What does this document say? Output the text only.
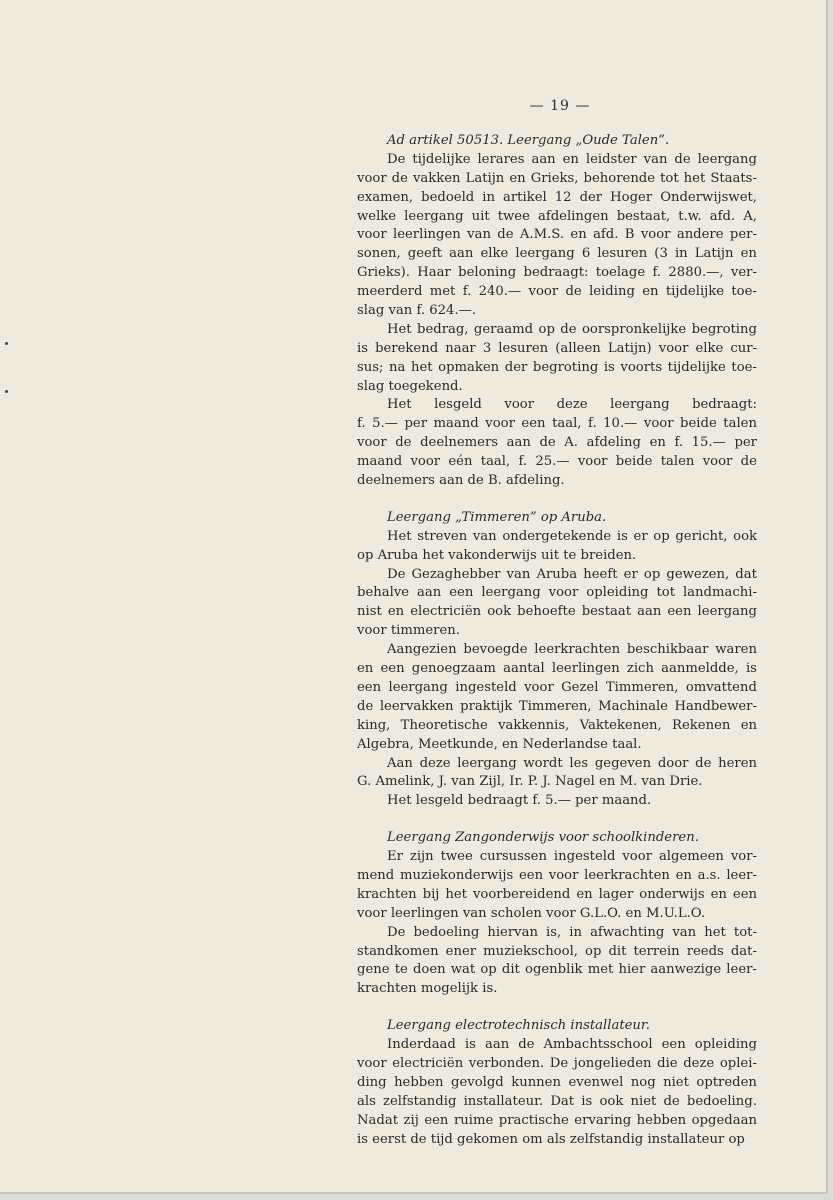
— 19 —
Ad artikel 50513. Leergang „Oude Talen”.
De tijdelijke lerares aan en leidster van de leergang
voor de vakken Latijn en Grieks, behorende tot het Staats-
examen, bedoeld in artikel 12 der Hoger Onderwijswet,
welke leergang uit twee afdelingen bestaat, t.w. afd. A,
voor leerlingen van de A.M.S. en afd. B voor andere per-
sonen, geeft aan elke leergang 6 lesuren (3 in Latijn en
Grieks). Haar beloning bedraagt: toelage f. 2880.—, ver-
meerderd met f. 240.— voor de leiding en tijdelijke toe-
slag van f. 624.—.
Het bedrag, geraamd op de oorspronkelijke begroting
is berekend naar 3 lesuren (alleen Latijn) voor elke cur-
sus; na het opmaken der begroting is voorts tijdelijke toe-
slag toegekend.
Het lesgeld voor deze leergang bedraagt:
f. 5.— per maand voor een taal, f. 10.— voor beide talen
voor de deelnemers aan de A. afdeling en f. 15.— per
maand voor eén taal, f. 25.— voor beide talen voor de
deelnemers aan de B. afdeling.
Leergang „Timmeren” op Aruba.
Het streven van ondergetekende is er op gericht, ook
op Aruba het vakonderwijs uit te breiden.
De Gezaghebber van Aruba heeft er op gewezen, dat
behalve aan een leergang voor opleiding tot landmachi-
nist en electriciën ook behoefte bestaat aan een leergang
voor timmeren.
Aangezien bevoegde leerkrachten beschikbaar waren
en een genoegzaam aantal leerlingen zich aanmeldde, is
een leergang ingesteld voor Gezel Timmeren, omvattend
de leervakken praktijk Timmeren, Machinale Handbewer-
king, Theoretische vakkennis, Vaktekenen, Rekenen en
Algebra, Meetkunde, en Nederlandse taal.
Aan deze leergang wordt les gegeven door de heren
G. Amelink, J. van Zijl, Ir. P. J. Nagel en M. van Drie.
Het lesgeld bedraagt f. 5.— per maand.
Leergang Zangonderwijs voor schoolkinderen.
Er zijn twee cursussen ingesteld voor algemeen vor-
mend muziekonderwijs een voor leerkrachten en a.s. leer-
krachten bij het voorbereidend en lager onderwijs en een
voor leerlingen van scholen voor G.L.O. en M.U.L.O.
De bedoeling hiervan is, in afwachting van het tot-
standkomen ener muziekschool, op dit terrein reeds dat-
gene te doen wat op dit ogenblik met hier aanwezige leer-
krachten mogelijk is.
Leergang electrotechnisch installateur.
Inderdaad is aan de Ambachtsschool een opleiding
voor electriciën verbonden. De jongelieden die deze oplei-
ding hebben gevolgd kunnen evenwel nog niet optreden
als zelfstandig installateur. Dat is ook niet de bedoeling.
Nadat zij een ruime practische ervaring hebben opgedaan
is eerst de tijd gekomen om als zelfstandig installateur op
